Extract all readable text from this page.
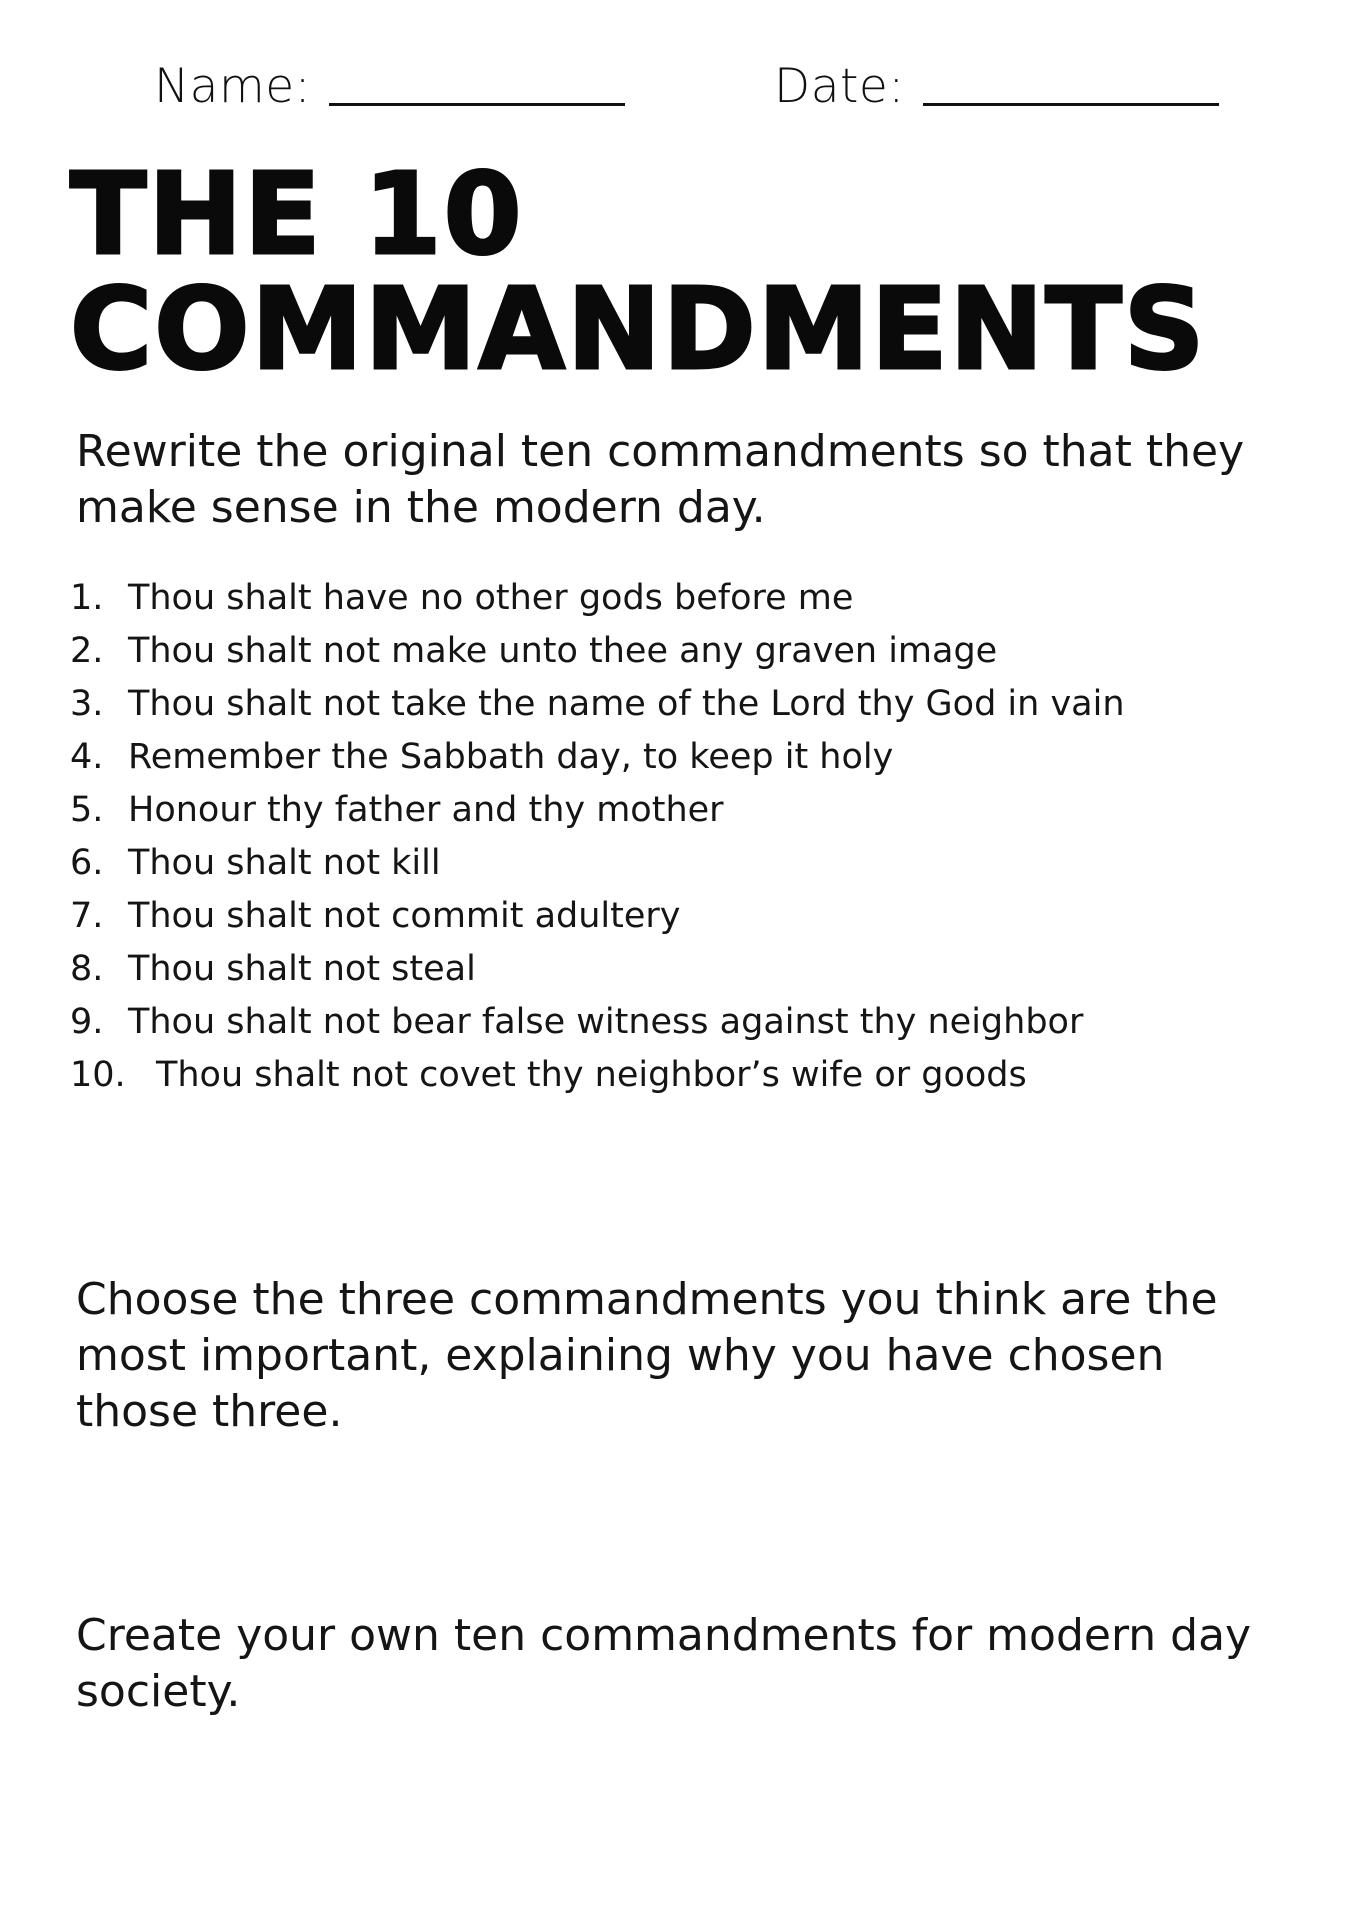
Name:	Date:
THE 10
COMMANDMENTS

Rewrite the original ten commandments so that they make sense in the modern day.

1. Thou shalt have no other gods before me
2. Thou shalt not make unto thee any graven image
3. Thou shalt not take the name of the Lord thy God in vain
4. Remember the Sabbath day, to keep it holy
5. Honour thy father and thy mother
6. Thou shalt not kill
7. Thou shalt not commit adultery
8. Thou shalt not steal
9. Thou shalt not bear false witness against thy neighbor
10. Thou shalt not covet thy neighbor’s wife or goods

Choose the three commandments you think are the most important, explaining why you have chosen those three.

Create your own ten commandments for modern day society.
